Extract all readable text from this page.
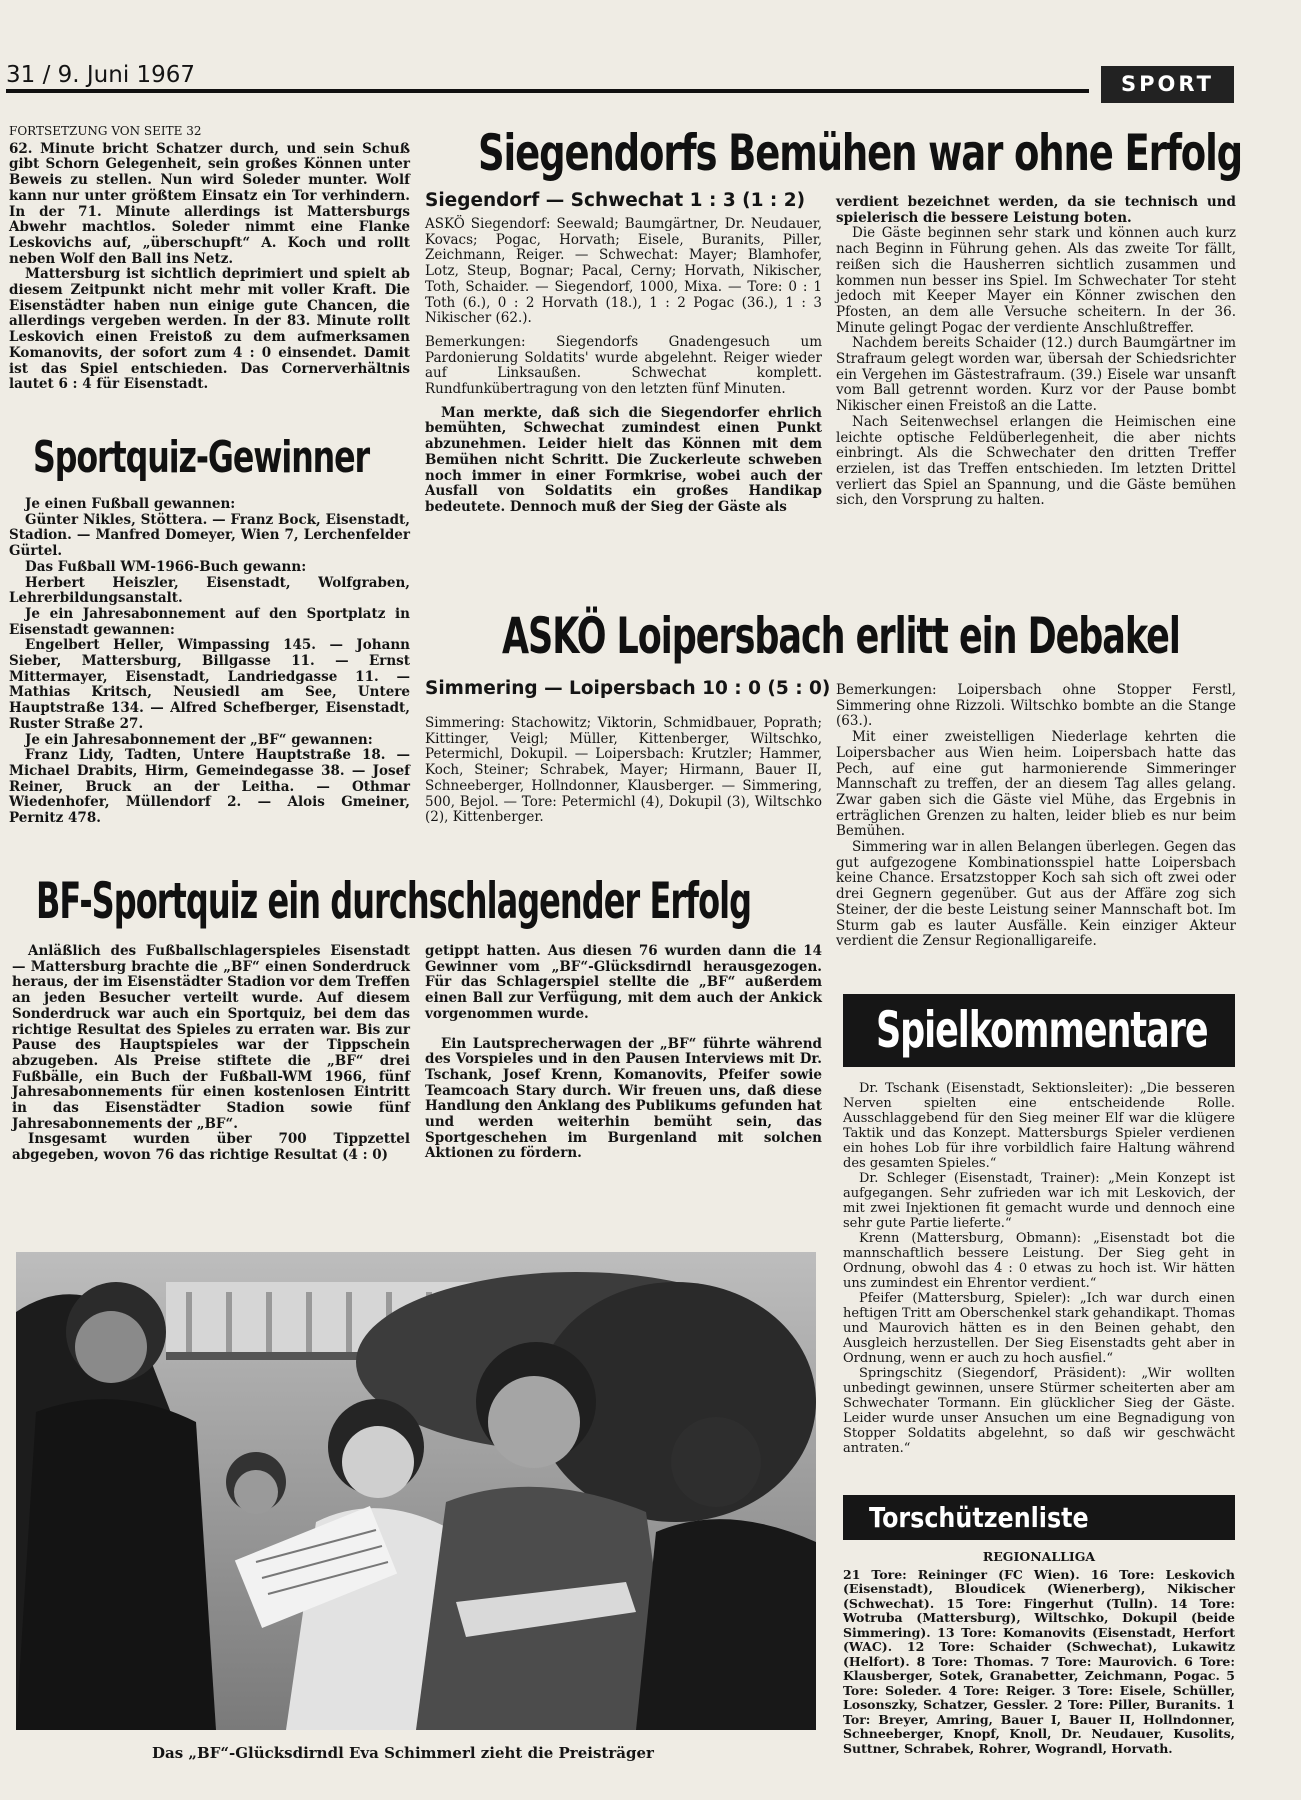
31 / 9. Juni 1967	SPORT

FORTSETZUNG VON SEITE 32

62. Minute bricht Schatzer durch, und sein Schuß gibt Schorn Gelegenheit, sein großes Können unter Beweis zu stellen. Nun wird Soleder munter. Wolf kann nur unter größtem Einsatz ein Tor verhindern. In der 71. Minute allerdings ist Mattersburgs Abwehr machtlos. Soleder nimmt eine Flanke Leskovichs auf, „überschupft“ A. Koch und rollt neben Wolf den Ball ins Netz.

Mattersburg ist sichtlich deprimiert und spielt ab diesem Zeitpunkt nicht mehr mit voller Kraft. Die Eisenstädter haben nun einige gute Chancen, die allerdings vergeben werden. In der 83. Minute rollt Leskovich einen Freistoß zu dem aufmerksamen Komanovits, der sofort zum 4 : 0 einsendet. Damit ist das Spiel entschieden. Das Cornerverhältnis lautet 6 : 4 für Eisenstadt.

Sportquiz-Gewinner

Je einen Fußball gewannen:

Günter Nikles, Stöttera. — Franz Bock, Eisenstadt, Stadion. — Manfred Domeyer, Wien 7, Lerchenfelder Gürtel.

Das Fußball WM-1966-Buch gewann:

Herbert Heiszler, Eisenstadt, Wolfgraben, Lehrerbildungsanstalt.

Je ein Jahresabonnement auf den Sportplatz in Eisenstadt gewannen:

Engelbert Heller, Wimpassing 145. — Johann Sieber, Mattersburg, Billgasse 11. — Ernst Mittermayer, Eisenstadt, Landriedgasse 11. — Mathias Kritsch, Neusiedl am See, Untere Hauptstraße 134. — Alfred Schefberger, Eisenstadt, Ruster Straße 27.

Je ein Jahresabonnement der „BF“ gewannen:

Franz Lidy, Tadten, Untere Hauptstraße 18. — Michael Drabits, Hirm, Gemeindegasse 38. — Josef Reiner, Bruck an der Leitha. — Othmar Wiedenhofer, Müllendorf 2. — Alois Gmeiner, Pernitz 478.

Siegendorfs Bemühen war ohne Erfolg
Siegendorf — Schwechat 1 : 3 (1 : 2)

ASKÖ Siegendorf: Seewald; Baumgärtner, Dr. Neudauer, Kovacs; Pogac, Horvath; Eisele, Buranits, Piller, Zeichmann, Reiger. — Schwechat: Mayer; Blamhofer, Lotz, Steup, Bognar; Pacal, Cerny; Horvath, Nikischer, Toth, Schaider. — Siegendorf, 1000, Mixa. — Tore: 0 : 1 Toth (6.), 0 : 2 Horvath (18.), 1 : 2 Pogac (36.), 1 : 3 Nikischer (62.).

Bemerkungen: Siegendorfs Gnadengesuch um Pardonierung Soldatits' wurde abgelehnt. Reiger wieder auf Linksaußen. Schwechat komplett. Rundfunkübertragung von den letzten fünf Minuten.

Man merkte, daß sich die Siegendorfer ehrlich bemühten, Schwechat zumindest einen Punkt abzunehmen. Leider hielt das Können mit dem Bemühen nicht Schritt. Die Zuckerleute schweben noch immer in einer Formkrise, wobei auch der Ausfall von Soldatits ein großes Handikap bedeutete. Dennoch muß der Sieg der Gäste als

verdient bezeichnet werden, da sie technisch und spielerisch die bessere Leistung boten.

Die Gäste beginnen sehr stark und können auch kurz nach Beginn in Führung gehen. Als das zweite Tor fällt, reißen sich die Hausherren sichtlich zusammen und kommen nun besser ins Spiel. Im Schwechater Tor steht jedoch mit Keeper Mayer ein Könner zwischen den Pfosten, an dem alle Versuche scheitern. In der 36. Minute gelingt Pogac der verdiente Anschlußtreffer.

Nachdem bereits Schaider (12.) durch Baumgärtner im Strafraum gelegt worden war, übersah der Schiedsrichter ein Vergehen im Gästestrafraum. (39.) Eisele war unsanft vom Ball getrennt worden. Kurz vor der Pause bombt Nikischer einen Freistoß an die Latte.

Nach Seitenwechsel erlangen die Heimischen eine leichte optische Feldüberlegenheit, die aber nichts einbringt. Als die Schwechater den dritten Treffer erzielen, ist das Treffen entschieden. Im letzten Drittel verliert das Spiel an Spannung, und die Gäste bemühen sich, den Vorsprung zu halten.

ASKÖ Loipersbach erlitt ein Debakel
Simmering — Loipersbach 10 : 0 (5 : 0)

Simmering: Stachowitz; Viktorin, Schmidbauer, Poprath; Kittinger, Veigl; Müller, Kittenberger, Wiltschko, Petermichl, Dokupil. — Loipersbach: Krutzler; Hammer, Koch, Steiner; Schrabek, Mayer; Hirmann, Bauer II, Schneeberger, Hollndonner, Klausberger. — Simmering, 500, Bejol. — Tore: Petermichl (4), Dokupil (3), Wiltschko (2), Kittenberger.

Bemerkungen: Loipersbach ohne Stopper Ferstl, Simmering ohne Rizzoli. Wiltschko bombte an die Stange (63.).

Mit einer zweistelligen Niederlage kehrten die Loipersbacher aus Wien heim. Loipersbach hatte das Pech, auf eine gut harmonierende Simmeringer Mannschaft zu treffen, der an diesem Tag alles gelang. Zwar gaben sich die Gäste viel Mühe, das Ergebnis in erträglichen Grenzen zu halten, leider blieb es nur beim Bemühen.

Simmering war in allen Belangen überlegen. Gegen das gut aufgezogene Kombinationsspiel hatte Loipersbach keine Chance. Ersatzstopper Koch sah sich oft zwei oder drei Gegnern gegenüber. Gut aus der Affäre zog sich Steiner, der die beste Leistung seiner Mannschaft bot. Im Sturm gab es lauter Ausfälle. Kein einziger Akteur verdient die Zensur Regionalligareife.

BF-Sportquiz ein durchschlagender Erfolg

Anläßlich des Fußballschlagerspieles Eisenstadt — Mattersburg brachte die „BF“ einen Sonderdruck heraus, der im Eisenstädter Stadion vor dem Treffen an jeden Besucher verteilt wurde. Auf diesem Sonderdruck war auch ein Sportquiz, bei dem das richtige Resultat des Spieles zu erraten war. Bis zur Pause des Hauptspieles war der Tippschein abzugeben. Als Preise stiftete die „BF“ drei Fußbälle, ein Buch der Fußball-WM 1966, fünf Jahresabonnements für einen kostenlosen Eintritt in das Eisenstädter Stadion sowie fünf Jahresabonnements der „BF“.

Insgesamt wurden über 700 Tippzettel abgegeben, wovon 76 das richtige Resultat (4 : 0)

getippt hatten. Aus diesen 76 wurden dann die 14 Gewinner vom „BF“-Glücksdirndl herausgezogen. Für das Schlagerspiel stellte die „BF“ außerdem einen Ball zur Verfügung, mit dem auch der Ankick vorgenommen wurde.

Ein Lautsprecherwagen der „BF“ führte während des Vorspieles und in den Pausen Interviews mit Dr. Tschank, Josef Krenn, Komanovits, Pfeifer sowie Teamcoach Stary durch. Wir freuen uns, daß diese Handlung den Anklang des Publikums gefunden hat und werden weiterhin bemüht sein, das Sportgeschehen im Burgenland mit solchen Aktionen zu fördern.

Das „BF“-Glücksdirndl Eva Schimmerl zieht die Preisträger
Spielkommentare

Dr. Tschank (Eisenstadt, Sektionsleiter): „Die besseren Nerven spielten eine entscheidende Rolle. Ausschlaggebend für den Sieg meiner Elf war die klügere Taktik und das Konzept. Mattersburgs Spieler verdienen ein hohes Lob für ihre vorbildlich faire Haltung während des gesamten Spieles.“

Dr. Schleger (Eisenstadt, Trainer): „Mein Konzept ist aufgegangen. Sehr zufrieden war ich mit Leskovich, der mit zwei Injektionen fit gemacht wurde und dennoch eine sehr gute Partie lieferte.“

Krenn (Mattersburg, Obmann): „Eisenstadt bot die mannschaftlich bessere Leistung. Der Sieg geht in Ordnung, obwohl das 4 : 0 etwas zu hoch ist. Wir hätten uns zumindest ein Ehrentor verdient.“

Pfeifer (Mattersburg, Spieler): „Ich war durch einen heftigen Tritt am Oberschenkel stark gehandikapt. Thomas und Maurovich hätten es in den Beinen gehabt, den Ausgleich herzustellen. Der Sieg Eisenstadts geht aber in Ordnung, wenn er auch zu hoch ausfiel.“

Springschitz (Siegendorf, Präsident): „Wir wollten unbedingt gewinnen, unsere Stürmer scheiterten aber am Schwechater Tormann. Ein glücklicher Sieg der Gäste. Leider wurde unser Ansuchen um eine Begnadigung von Stopper Soldatits abgelehnt, so daß wir geschwächt antraten.“

Torschützenliste

REGIONALLIGA

21 Tore: Reininger (FC Wien). 16 Tore: Leskovich (Eisenstadt), Bloudicek (Wienerberg), Nikischer (Schwechat). 15 Tore: Fingerhut (Tulln). 14 Tore: Wotruba (Mattersburg), Wiltschko, Dokupil (beide Simmering). 13 Tore: Komanovits (Eisenstadt, Herfort (WAC). 12 Tore: Schaider (Schwechat), Lukawitz (Helfort). 8 Tore: Thomas. 7 Tore: Maurovich. 6 Tore: Klausberger, Sotek, Granabetter, Zeichmann, Pogac. 5 Tore: Soleder. 4 Tore: Reiger. 3 Tore: Eisele, Schüller, Losonszky, Schatzer, Gessler. 2 Tore: Piller, Buranits. 1 Tor: Breyer, Amring, Bauer I, Bauer II, Hollndonner, Schneeberger, Knopf, Knoll, Dr. Neudauer, Kusolits, Suttner, Schrabek, Rohrer, Wograndl, Horvath.
